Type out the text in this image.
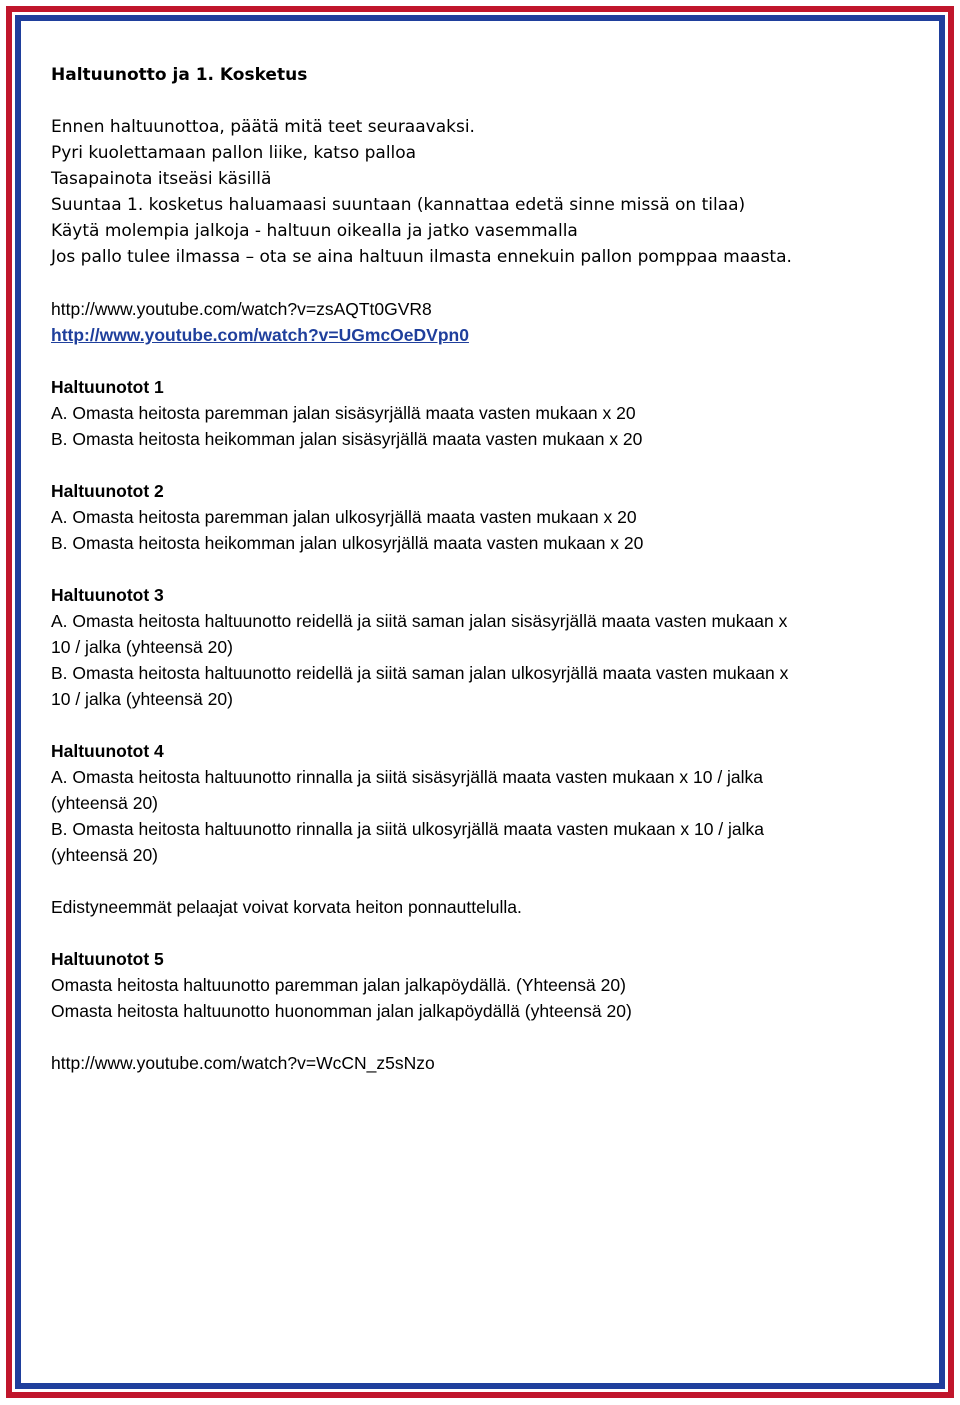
Haltuunotto ja 1. Kosketus
Ennen haltuunottoa, päätä mitä teet seuraavaksi.
Pyri kuolettamaan pallon liike, katso palloa
Tasapainota itseäsi käsillä
Suuntaa 1. kosketus haluamaasi suuntaan (kannattaa edetä sinne missä on tilaa)
Käytä molempia jalkoja - haltuun oikealla ja jatko vasemmalla
Jos pallo tulee ilmassa – ota se aina haltuun ilmasta ennekuin pallon pomppaa maasta.
http://www.youtube.com/watch?v=zsAQTt0GVR8
http://www.youtube.com/watch?v=UGmcOeDVpn0
Haltuunotot 1
A. Omasta heitosta paremman jalan sisäsyrjällä maata vasten mukaan x 20
B. Omasta heitosta heikomman jalan sisäsyrjällä maata vasten mukaan x 20
Haltuunotot 2
A. Omasta heitosta paremman jalan ulkosyrjällä maata vasten mukaan x 20
B. Omasta heitosta heikomman jalan ulkosyrjällä maata vasten mukaan x 20
Haltuunotot 3
A. Omasta heitosta haltuunotto reidellä ja siitä saman jalan sisäsyrjällä maata vasten mukaan x
10 / jalka (yhteensä 20)
B. Omasta heitosta haltuunotto reidellä ja siitä saman jalan ulkosyrjällä maata vasten mukaan x
10 / jalka (yhteensä 20)
Haltuunotot 4
A. Omasta heitosta haltuunotto rinnalla ja siitä sisäsyrjällä maata vasten mukaan x 10 / jalka
(yhteensä 20)
B. Omasta heitosta haltuunotto rinnalla ja siitä ulkosyrjällä maata vasten mukaan x 10 / jalka
(yhteensä 20)
Edistyneemmät pelaajat voivat korvata heiton ponnauttelulla.
Haltuunotot 5
Omasta heitosta haltuunotto paremman jalan jalkapöydällä. (Yhteensä 20)
Omasta heitosta haltuunotto huonomman jalan jalkapöydällä (yhteensä 20)
http://www.youtube.com/watch?v=WcCN_z5sNzo
